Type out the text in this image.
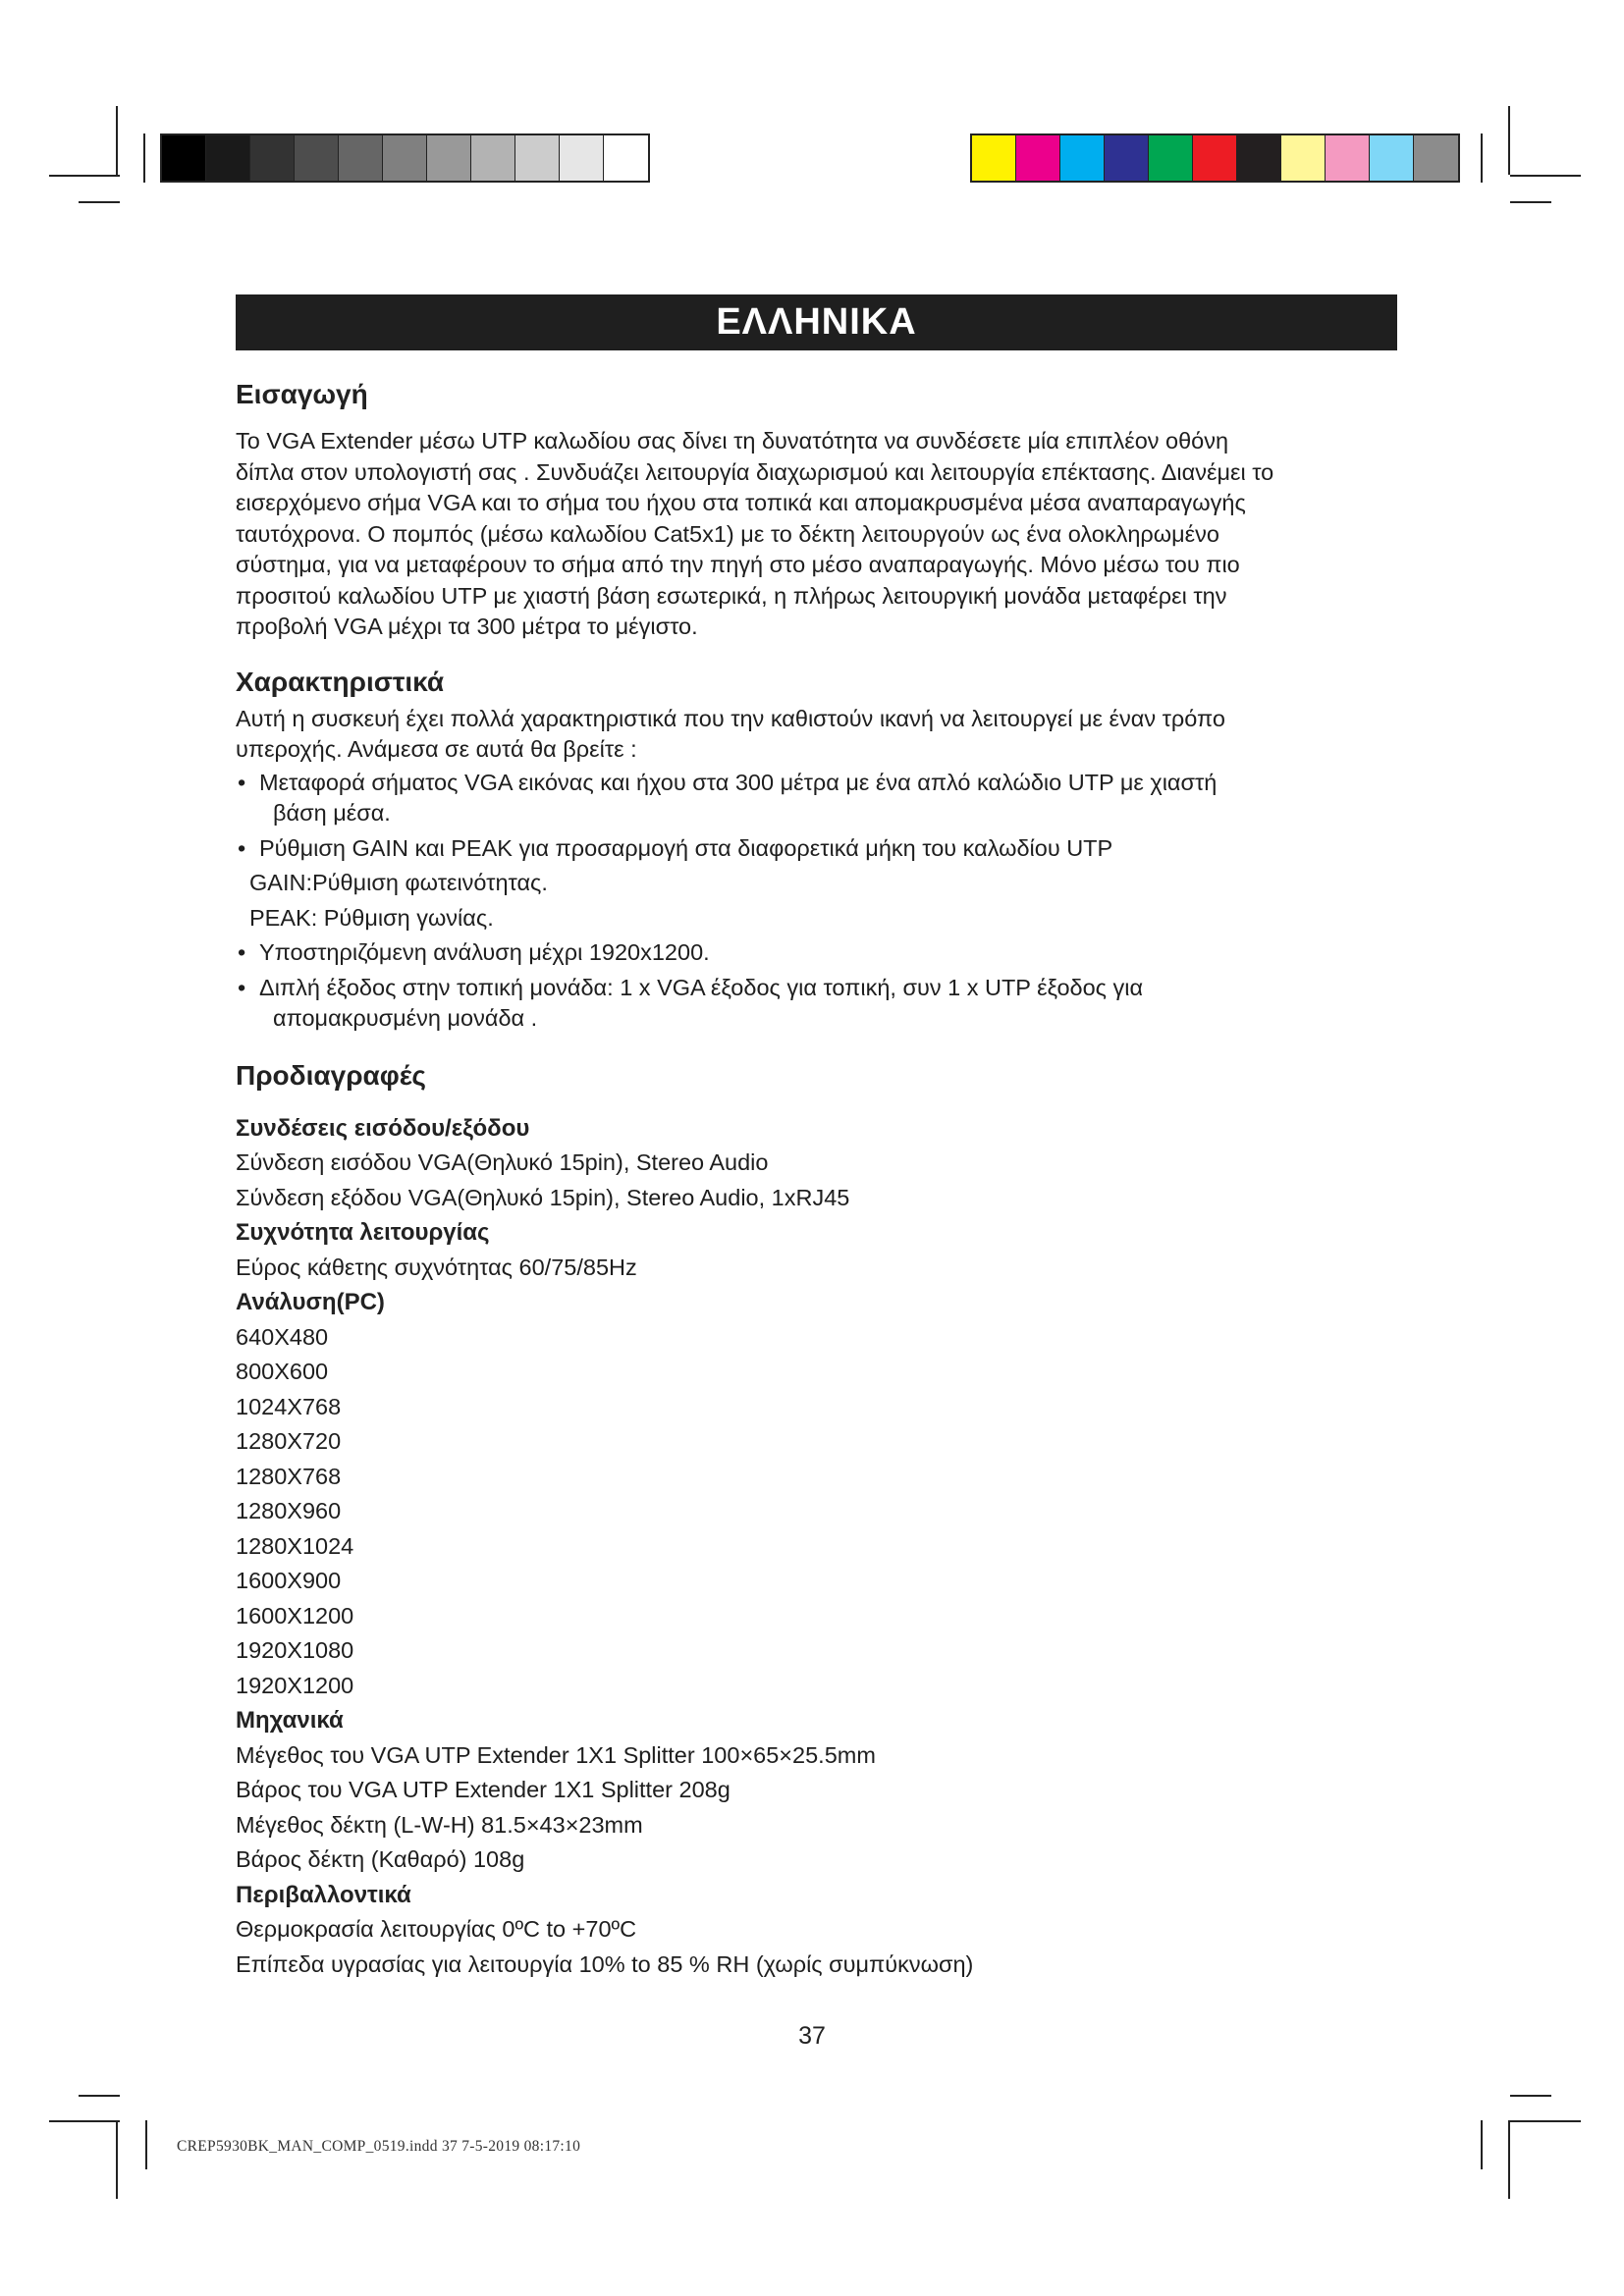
ΕΛΛΗΝΙΚΑ
Εισαγωγή

Το VGA Extender μέσω UTP καλωδίου σας δίνει τη δυνατότητα να συνδέσετε μία επιπλέον οθόνη

δίπλα στον υπολογιστή σας . Συνδυάζει λειτουργία διαχωρισμού και λειτουργία επέκτασης. Διανέμει το

εισερχόμενο σήμα VGA και το σήμα του ήχου στα τοπικά και απομακρυσμένα μέσα αναπαραγωγής

ταυτόχρονα. Ο πομπός (μέσω καλωδίου Cat5x1) με το δέκτη λειτουργούν ως ένα ολοκληρωμένο

σύστημα, για να μεταφέρουν το σήμα από την πηγή στο μέσο αναπαραγωγής. Μόνο μέσω του πιο

προσιτού καλωδίου UTP με χιαστή βάση εσωτερικά, η πλήρως λειτουργική μονάδα μεταφέρει την

προβολή VGA μέχρι τα 300 μέτρα το μέγιστο.

Χαρακτηριστικά

Αυτή η συσκευή έχει πολλά χαρακτηριστικά που την καθιστούν ικανή να λειτουργεί με έναν τρόπο

υπεροχής. Ανάμεσα σε αυτά θα βρείτε :

• Μεταφορά σήματος VGA εικόνας και ήχου στα 300 μέτρα με ένα απλό καλώδιο UTP με χιαστή
βάση μέσα.
• Ρύθμιση GAIN και PEAK για προσαρμογή στα διαφορετικά μήκη του καλωδίου UTP
GAIN:Ρύθμιση φωτεινότητας.
PEAK: Ρύθμιση γωνίας.
• Υποστηριζόμενη ανάλυση μέχρι 1920x1200.
• Διπλή έξοδος στην τοπική μονάδα: 1 x VGA έξοδος για τοπική, συν 1 x UTP έξοδος για
απομακρυσμένη μονάδα .
Προδιαγραφές

Συνδέσεις εισόδου/εξόδου

Σύνδεση εισόδου VGA(Θηλυκό 15pin), Stereo Audio

Σύνδεση εξόδου VGA(Θηλυκό 15pin), Stereo Audio, 1xRJ45

Συχνότητα λειτουργίας

Εύρος κάθετης συχνότητας 60/75/85Hz

Ανάλυση(PC)

640X480

800X600

1024X768

1280X720

1280X768

1280X960

1280X1024

1600X900

1600X1200

1920X1080

1920X1200

Μηχανικά

Μέγεθος του VGA UTP Extender 1X1 Splitter 100×65×25.5mm

Βάρος του VGA UTP Extender 1X1 Splitter 208g

Μέγεθος δέκτη (L-W-H) 81.5×43×23mm

Βάρος δέκτη (Καθαρό) 108g

Περιβαλλοντικά

Θερμοκρασία λειτουργίας 0ºC to +70ºC

Επίπεδα υγρασίας για λειτουργία 10% to 85 % RH (χωρίς συμπύκνωση)

37
CREP5930BK_MAN_COMP_0519.indd 37 7-5-2019 08:17:10
